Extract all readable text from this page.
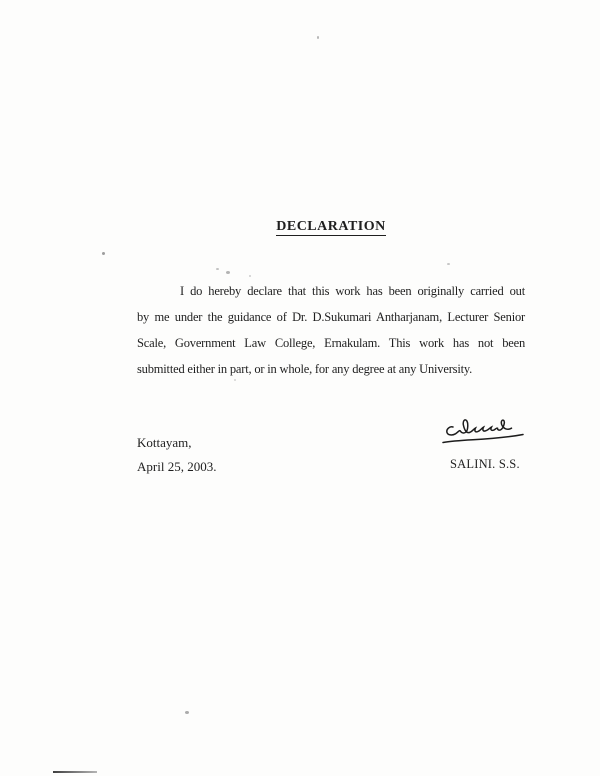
DECLARATION
I do hereby declare that this work has been originally carried out
by me under the guidance of Dr. D.Sukumari Antharjanam, Lecturer Senior
Scale, Government Law College, Ernakulam. This work has not been
submitted either in part, or in whole, for any degree at any University.
Kottayam,
April 25, 2003.	SALINI. S.S.
